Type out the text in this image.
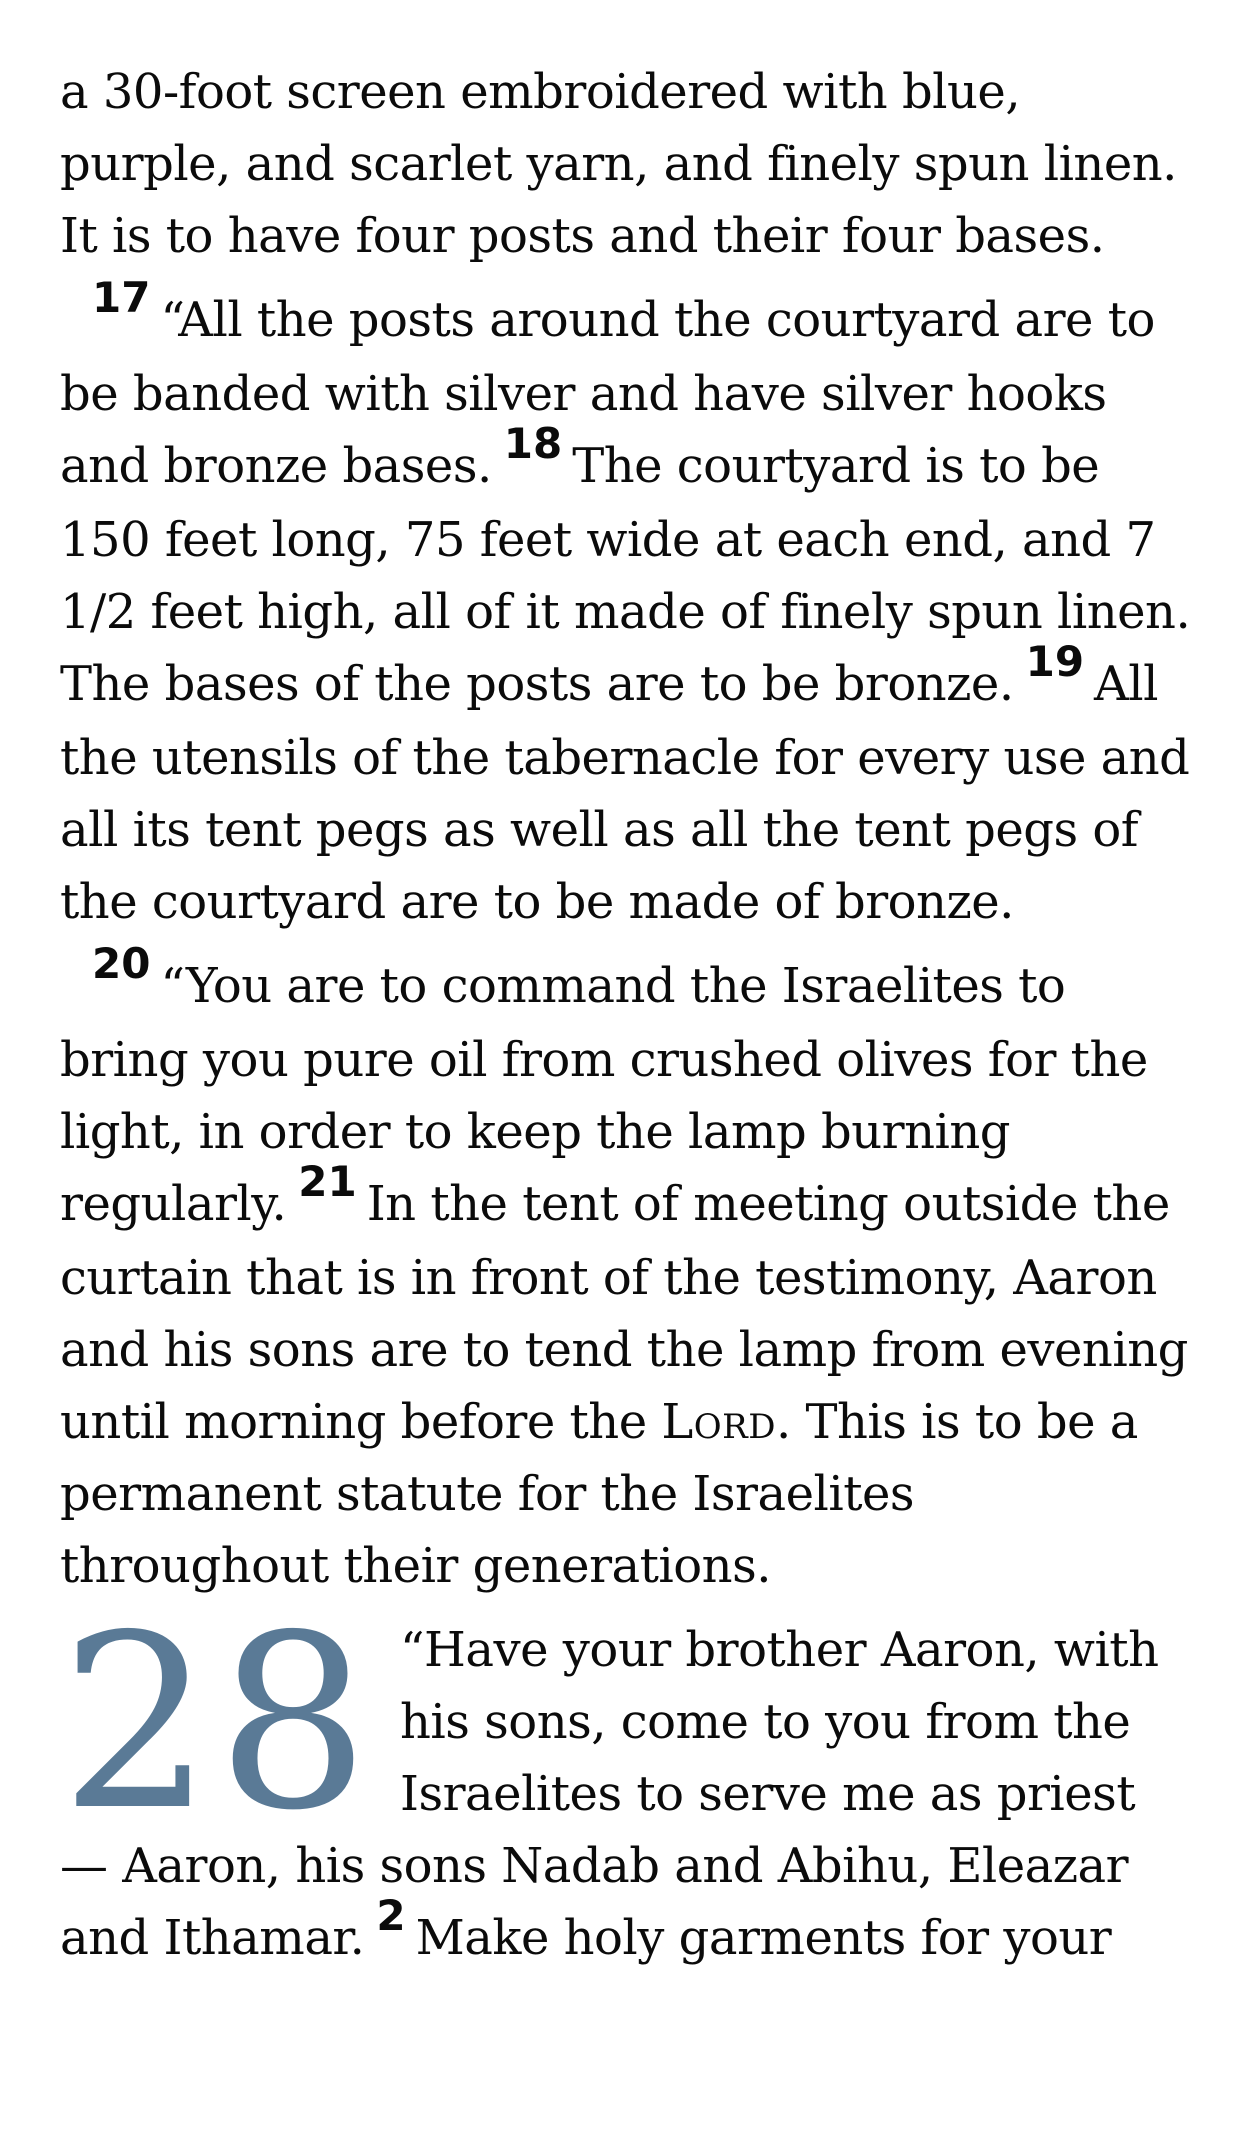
a 30-foot screen embroidered with blue, purple, and scarlet yarn, and finely spun linen. It is to have four posts and their four bases.

17 “All the posts around the courtyard are to be banded with silver and have silver hooks and bronze bases. 18 The courtyard is to be 150 feet long, 75 feet wide at each end, and 7 1/2 feet high, all of it made of finely spun linen. The bases of the posts are to be bronze. 19 All the utensils of the tabernacle for every use and all its tent pegs as well as all the tent pegs of the courtyard are to be made of bronze.

20 “You are to command the Israelites to bring you pure oil from crushed olives for the light, in order to keep the lamp burning regularly. 21 In the tent of meeting outside the curtain that is in front of the testimony, Aaron and his sons are to tend the lamp from evening until morning before the Lord. This is to be a permanent statute for the Israelites throughout their generations.

28 “Have your brother Aaron, with his sons, come to you from the Israelites to serve me as priest — Aaron, his sons Nadab and Abihu, Eleazar and Ithamar. 2 Make holy garments for your
